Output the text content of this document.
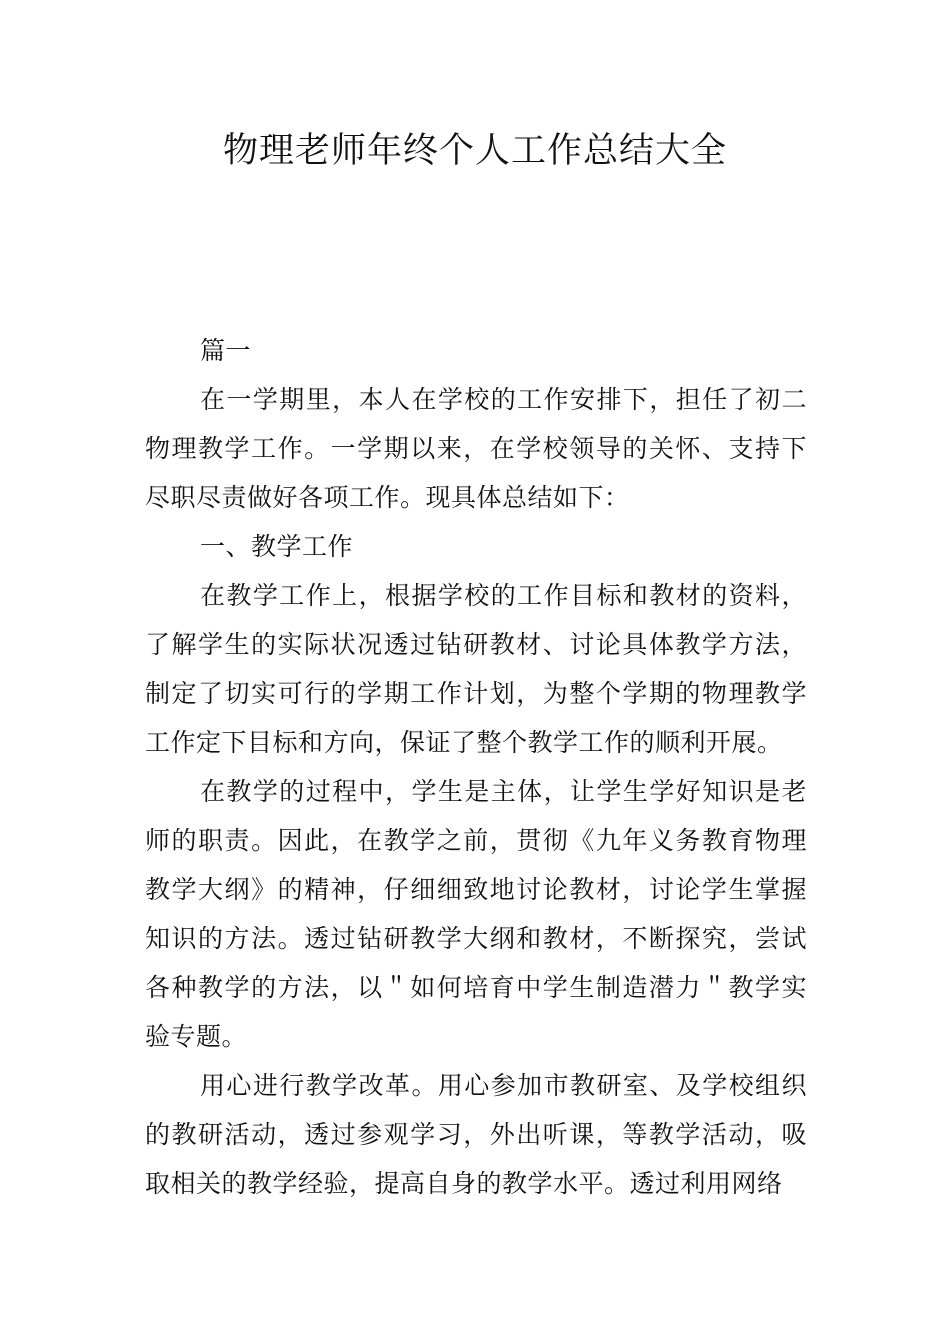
物理老师年终个人工作总结大全

篇一

在一学期里，本人在学校的工作安排下，担任了初二物理教学工作。一学期以来，在学校领导的关怀、支持下尽职尽责做好各项工作。现具体总结如下：

一、教学工作

在教学工作上，根据学校的工作目标和教材的资料，了解学生的实际状况透过钻研教材、讨论具体教学方法，制定了切实可行的学期工作计划，为整个学期的物理教学工作定下目标和方向，保证了整个教学工作的顺利开展。

在教学的过程中，学生是主体，让学生学好知识是老师的职责。因此，在教学之前，贯彻《九年义务教育物理教学大纲》的精神，仔细细致地讨论教材，讨论学生掌握知识的方法。透过钻研教学大纲和教材，不断探究，尝试各种教学的方法，以＂如何培育中学生制造潜力＂教学实验专题。

用心进行教学改革。用心参加市教研室、及学校组织的教研活动，透过参观学习，外出听课，等教学活动，吸取相关的教学经验，提高自身的教学水平。透过利用网络
